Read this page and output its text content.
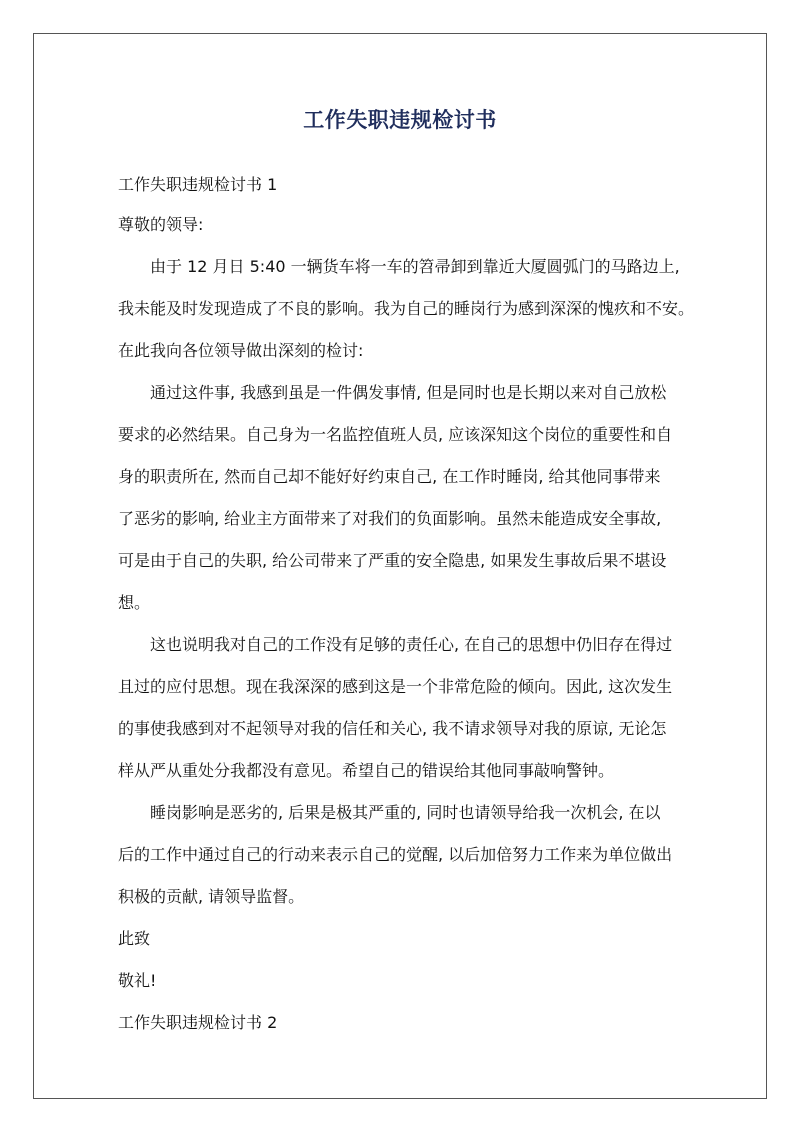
工作失职违规检讨书
工作失职违规检讨书 1
尊敬的领导:
由于 12 月日 5:40 一辆货车将一车的笤帚卸到靠近大厦圆弧门的马路边上,
我未能及时发现造成了不良的影响。我为自己的睡岗行为感到深深的愧疚和不安。
在此我向各位领导做出深刻的检讨:
通过这件事, 我感到虽是一件偶发事情, 但是同时也是长期以来对自己放松
要求的必然结果。自己身为一名监控值班人员, 应该深知这个岗位的重要性和自
身的职责所在, 然而自己却不能好好约束自己, 在工作时睡岗, 给其他同事带来
了恶劣的影响, 给业主方面带来了对我们的负面影响。虽然未能造成安全事故,
可是由于自己的失职, 给公司带来了严重的安全隐患, 如果发生事故后果不堪设
想。
这也说明我对自己的工作没有足够的责任心, 在自己的思想中仍旧存在得过
且过的应付思想。现在我深深的感到这是一个非常危险的倾向。因此, 这次发生
的事使我感到对不起领导对我的信任和关心, 我不请求领导对我的原谅, 无论怎
样从严从重处分我都没有意见。希望自己的错误给其他同事敲响警钟。
睡岗影响是恶劣的, 后果是极其严重的, 同时也请领导给我一次机会, 在以
后的工作中通过自己的行动来表示自己的觉醒, 以后加倍努力工作来为单位做出
积极的贡献, 请领导监督。
此致
敬礼!
工作失职违规检讨书 2
